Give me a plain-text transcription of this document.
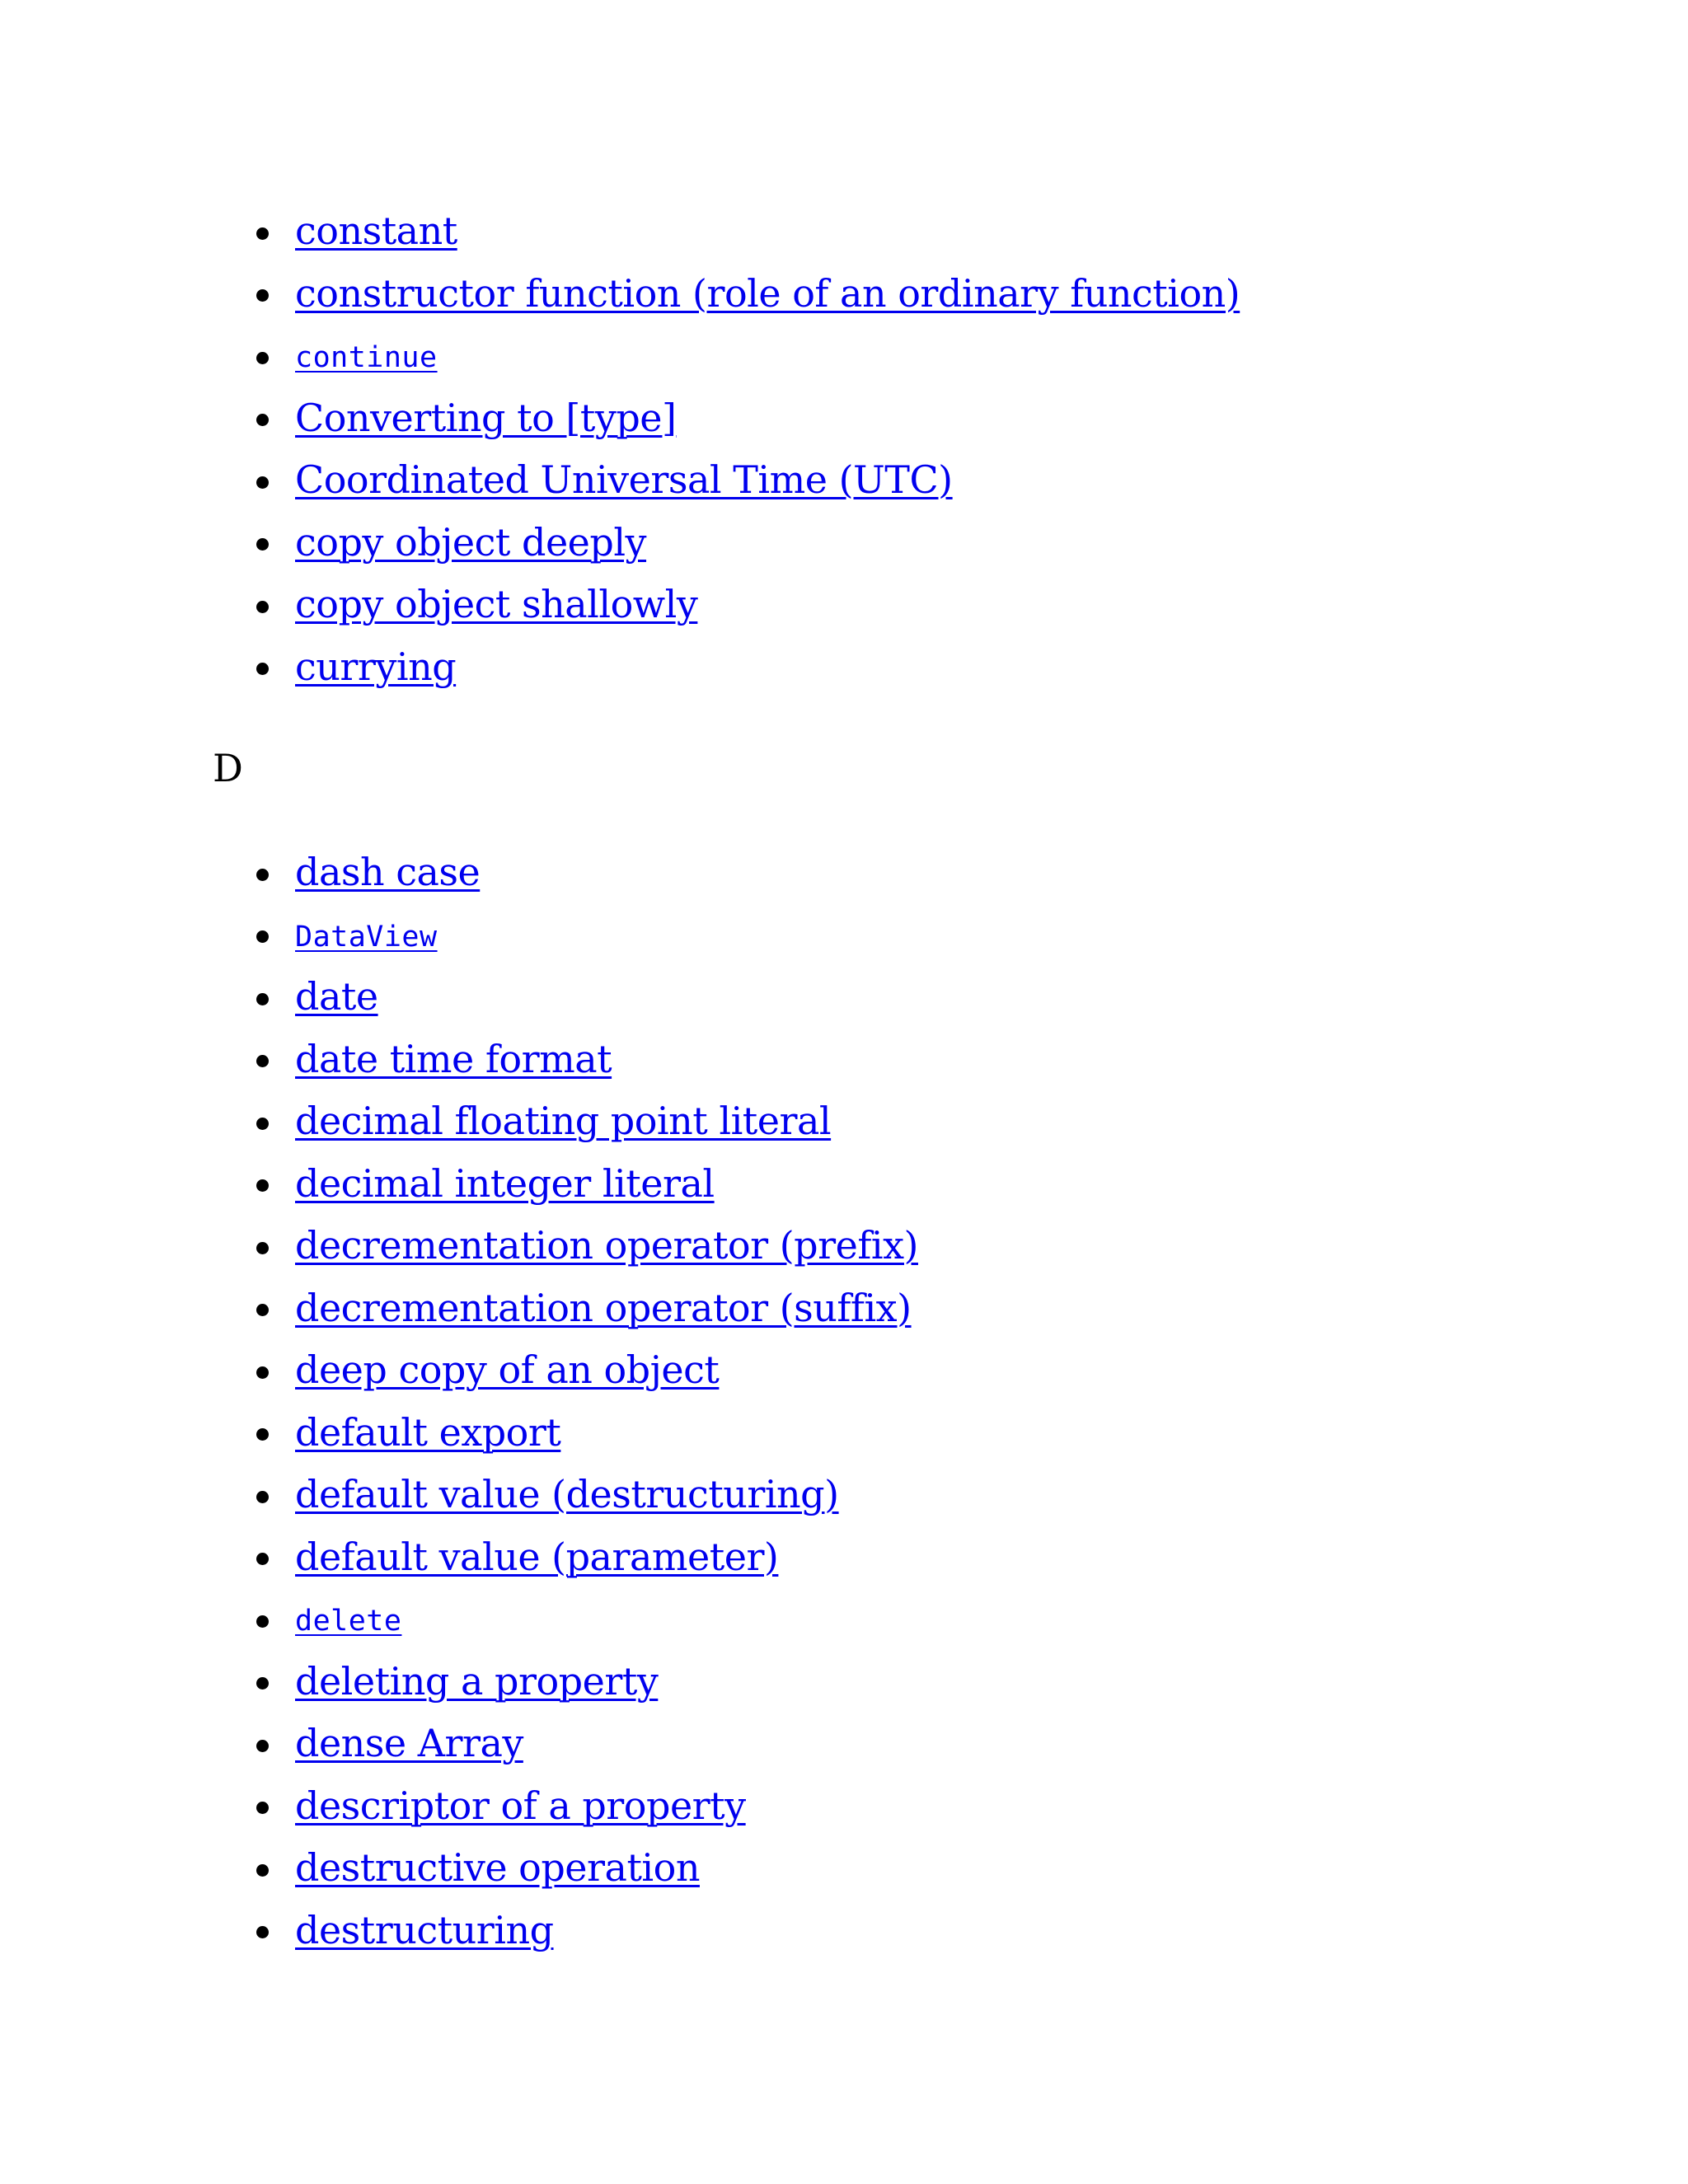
constant
constructor function (role of an ordinary function)
continue
Converting to [type]
Coordinated Universal Time (UTC)
copy object deeply
copy object shallowly
currying
D
dash case
DataView
date
date time format
decimal floating point literal
decimal integer literal
decrementation operator (prefix)
decrementation operator (suffix)
deep copy of an object
default export
default value (destructuring)
default value (parameter)
delete
deleting a property
dense Array
descriptor of a property
destructive operation
destructuring
